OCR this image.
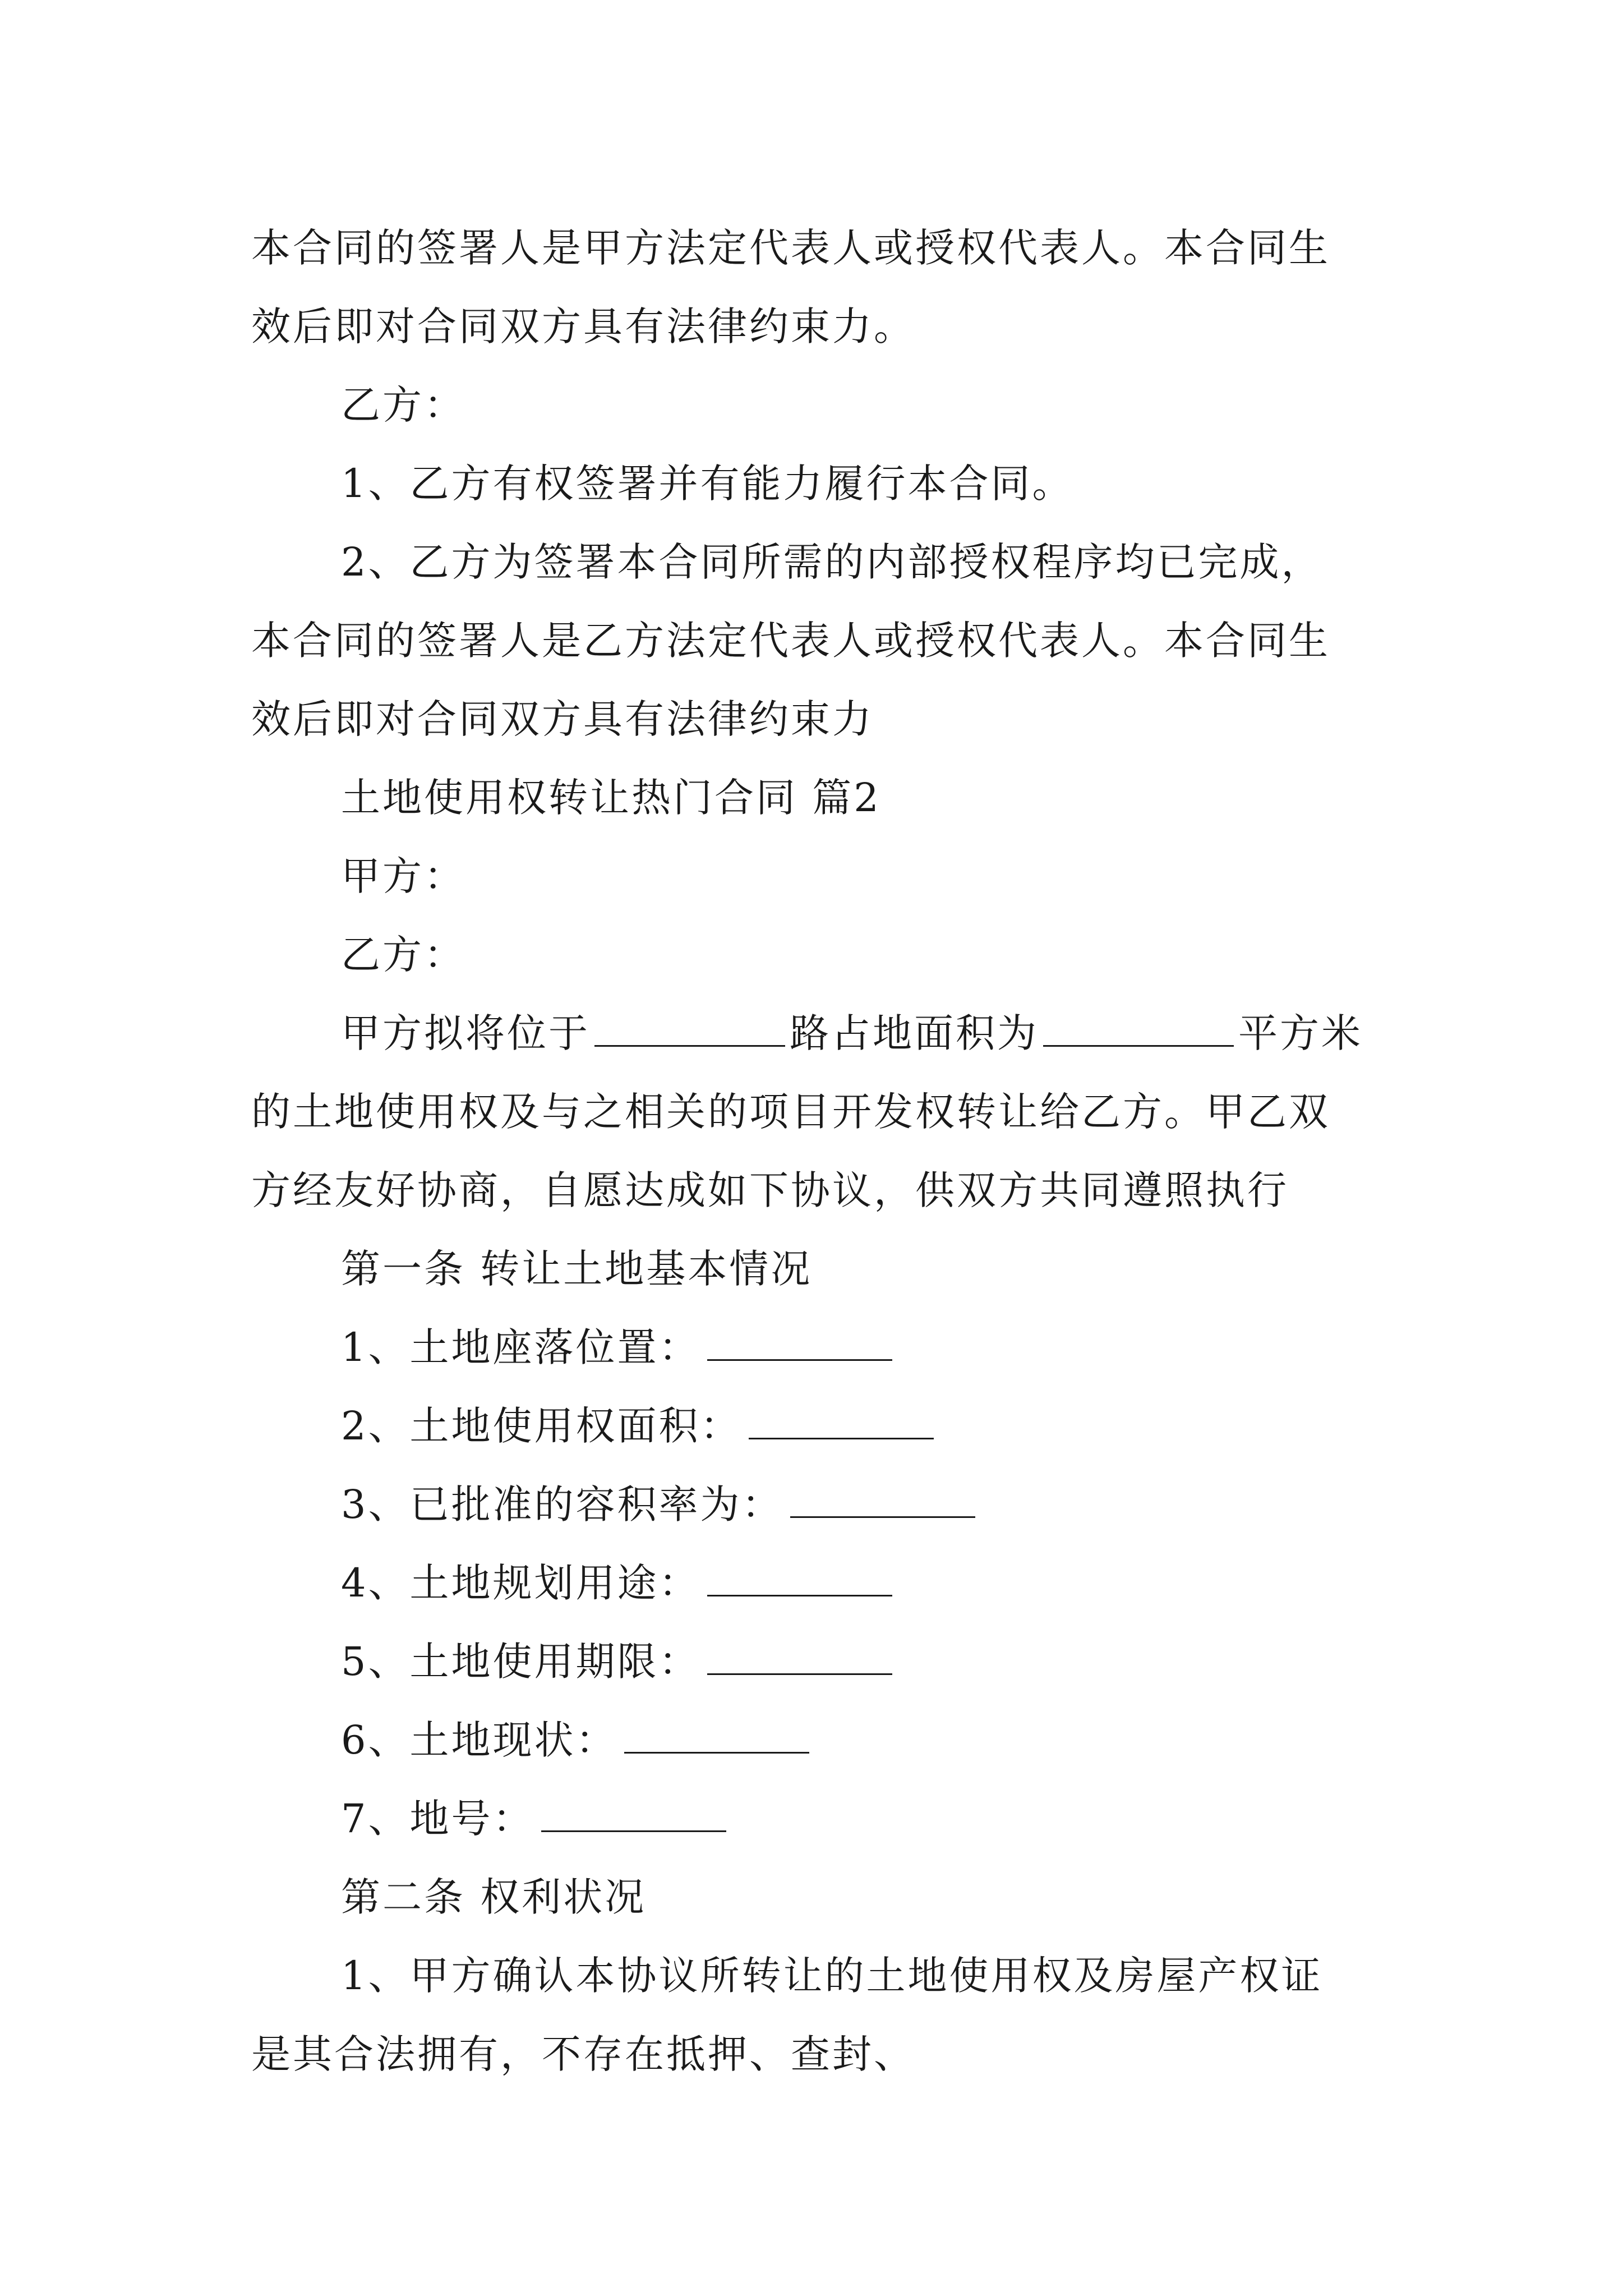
本合同的签署人是甲方法定代表人或授权代表人。本合同生
效后即对合同双方具有法律约束力。
乙方：
1、乙方有权签署并有能力履行本合同。
2、乙方为签署本合同所需的内部授权程序均已完成，
本合同的签署人是乙方法定代表人或授权代表人。本合同生
效后即对合同双方具有法律约束力
土地使用权转让热门合同 篇2
甲方：
乙方：
甲方拟将位于	路占地面积为	平方米
的土地使用权及与之相关的项目开发权转让给乙方。甲乙双
方经友好协商，自愿达成如下协议，供双方共同遵照执行
第一条 转让土地基本情况
1、土地座落位置：
2、土地使用权面积：
3、已批准的容积率为：
4、土地规划用途：
5、土地使用期限：
6、土地现状：
7、地号：
第二条 权利状况
1、甲方确认本协议所转让的土地使用权及房屋产权证
是其合法拥有，不存在抵押、查封、
